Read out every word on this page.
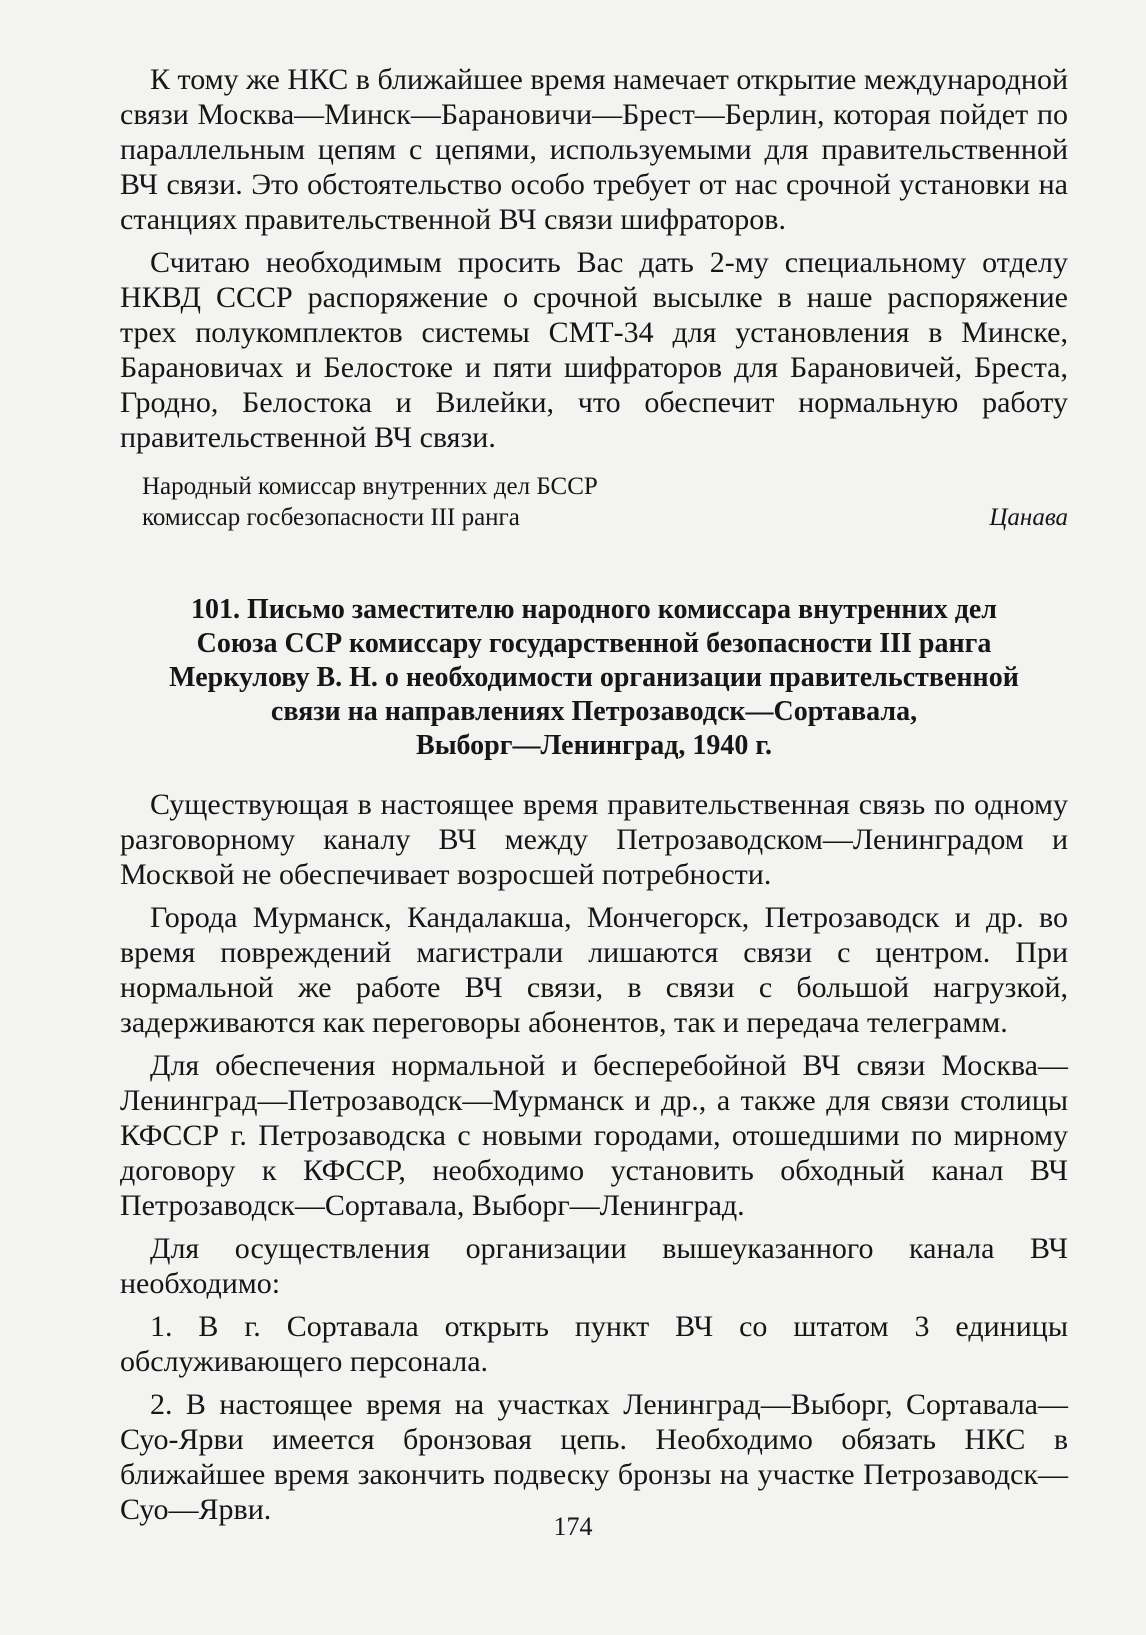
К тому же НКС в ближайшее время намечает открытие международной связи Москва—Минск—Барановичи—Брест—Берлин, которая пойдет по параллельным цепям с цепями, используемыми для правительственной ВЧ связи. Это обстоятельство особо требует от нас срочной установки на станциях правительственной ВЧ связи шифраторов.

Считаю необходимым просить Вас дать 2-му специальному отделу НКВД СССР распоряжение о срочной высылке в наше распоряжение трех полукомплектов системы СМТ-34 для установления в Минске, Барановичах и Белостоке и пяти шифраторов для Барановичей, Бреста, Гродно, Белостока и Вилейки, что обеспечит нормальную работу правительственной ВЧ связи.

Народный комиссар внутренних дел БССР
комиссар госбезопасности III ранга	Цанава
101. Письмо заместителю народного комиссара внутренних дел
Союза ССР комиссару государственной безопасности III ранга
Меркулову В. Н. о необходимости организации правительственной
связи на направлениях Петрозаводск—Сортавала,
Выборг—Ленинград, 1940 г.

Существующая в настоящее время правительственная связь по одному разговорному каналу ВЧ между Петрозаводском—Ленинградом и Москвой не обеспечивает возросшей потребности.

Города Мурманск, Кандалакша, Мончегорск, Петрозаводск и др. во время повреждений магистрали лишаются связи с центром. При нормальной же работе ВЧ связи, в связи с большой нагрузкой, задерживаются как переговоры абонентов, так и передача телеграмм.

Для обеспечения нормальной и бесперебойной ВЧ связи Москва—Ленинград—Петрозаводск—Мурманск и др., а также для связи столицы КФССР г. Петрозаводска с новыми городами, отошедшими по мирному договору к КФССР, необходимо установить обходный канал ВЧ Петрозаводск—Сортавала, Выборг—Ленинград.

Для осуществления организации вышеуказанного канала ВЧ необходимо:

1. В г. Сортавала открыть пункт ВЧ со штатом 3 единицы обслуживающего персонала.

2. В настоящее время на участках Ленинград—Выборг, Сортавала—Суо-Ярви имеется бронзовая цепь. Необходимо обязать НКС в ближайшее время закончить подвеску бронзы на участке Петрозаводск—Суо—Ярви.

174
